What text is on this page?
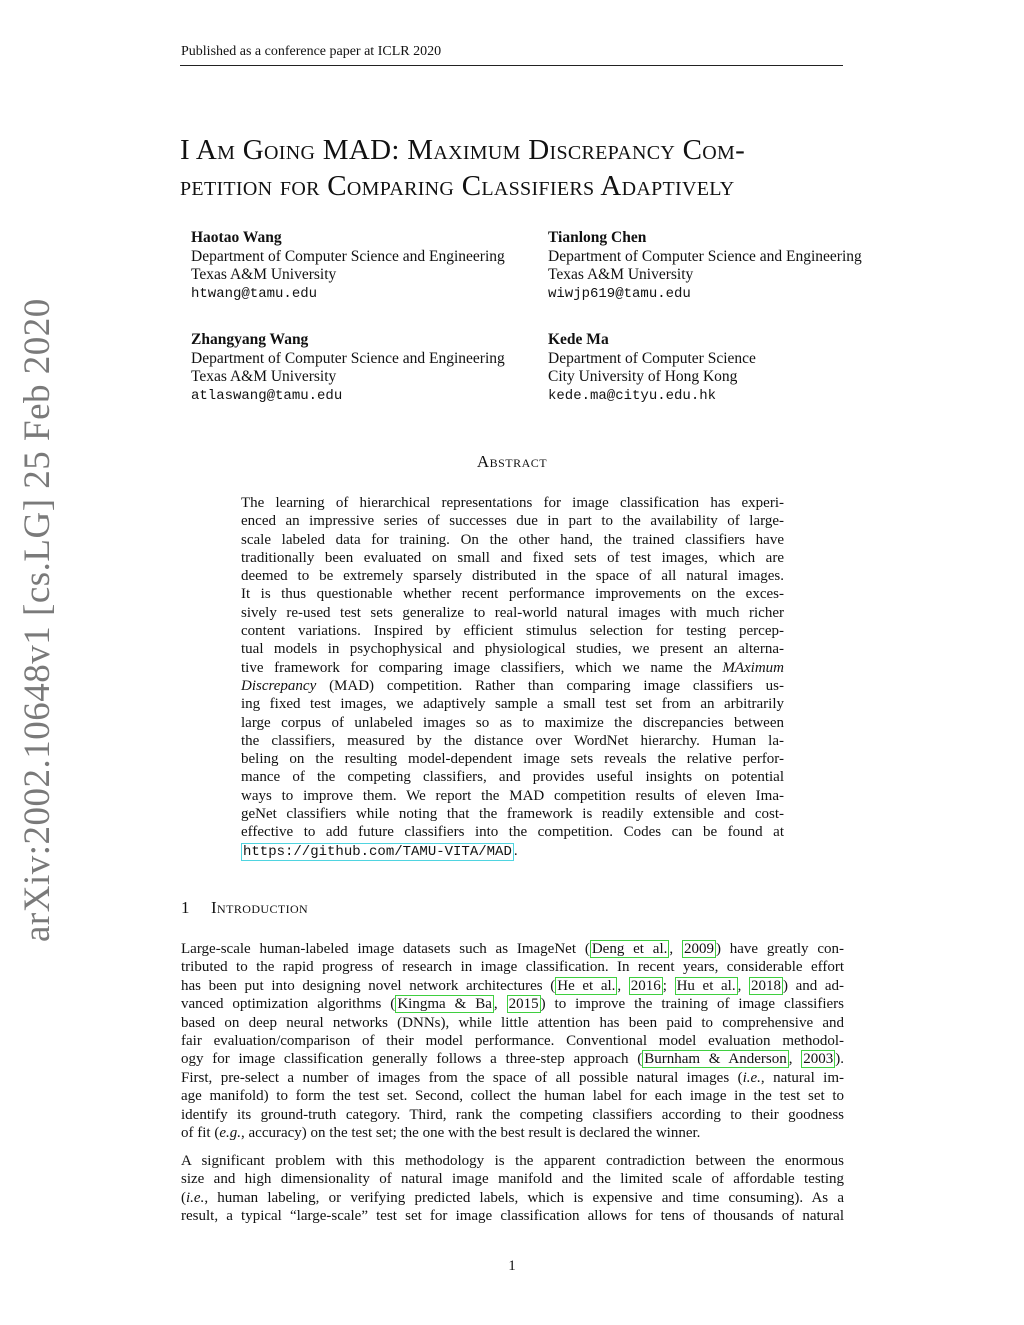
Published as a conference paper at ICLR 2020
I Am Going MAD: Maximum Discrepancy Com-
petition for Comparing Classifiers Adaptively
Haotao Wang
Department of Computer Science and Engineering
Texas A&M University
htwang@tamu.edu
Tianlong Chen
Department of Computer Science and Engineering
Texas A&M University
wiwjp619@tamu.edu
Zhangyang Wang
Department of Computer Science and Engineering
Texas A&M University
atlaswang@tamu.edu
Kede Ma
Department of Computer Science
City University of Hong Kong
kede.ma@cityu.edu.hk
Abstract
The learning of hierarchical representations for image classification has experi-
enced an impressive series of successes due in part to the availability of large-
scale labeled data for training. On the other hand, the trained classifiers have
traditionally been evaluated on small and fixed sets of test images, which are
deemed to be extremely sparsely distributed in the space of all natural images.
It is thus questionable whether recent performance improvements on the exces-
sively re-used test sets generalize to real-world natural images with much richer
content variations. Inspired by efficient stimulus selection for testing percep-
tual models in psychophysical and physiological studies, we present an alterna-
tive framework for comparing image classifiers, which we name the MAximum
Discrepancy (MAD) competition. Rather than comparing image classifiers us-
ing fixed test images, we adaptively sample a small test set from an arbitrarily
large corpus of unlabeled images so as to maximize the discrepancies between
the classifiers, measured by the distance over WordNet hierarchy. Human la-
beling on the resulting model-dependent image sets reveals the relative perfor-
mance of the competing classifiers, and provides useful insights on potential
ways to improve them. We report the MAD competition results of eleven Ima-
geNet classifiers while noting that the framework is readily extensible and cost-
effective to add future classifiers into the competition. Codes can be found at
https://github.com/TAMU-VITA/MAD .
1 Introduction
Large-scale human-labeled image datasets such as ImageNet ( Deng et al. , 2009 ) have greatly con-
tributed to the rapid progress of research in image classification. In recent years, considerable effort
has been put into designing novel network architectures ( He et al. , 2016 ; Hu et al. , 2018 ) and ad-
vanced optimization algorithms ( Kingma & Ba , 2015 ) to improve the training of image classifiers
based on deep neural networks (DNNs), while little attention has been paid to comprehensive and
fair evaluation/comparison of their model performance. Conventional model evaluation methodol-
ogy for image classification generally follows a three-step approach ( Burnham & Anderson , 2003 ).
First, pre-select a number of images from the space of all possible natural images (i.e., natural im-
age manifold) to form the test set. Second, collect the human label for each image in the test set to
identify its ground-truth category. Third, rank the competing classifiers according to their goodness
of fit (e.g., accuracy) on the test set; the one with the best result is declared the winner.
A significant problem with this methodology is the apparent contradiction between the enormous
size and high dimensionality of natural image manifold and the limited scale of affordable testing
(i.e., human labeling, or verifying predicted labels, which is expensive and time consuming). As a
result, a typical “large-scale” test set for image classification allows for tens of thousands of natural
arXiv:2002.10648v1 [cs.LG] 25 Feb 2020
1
